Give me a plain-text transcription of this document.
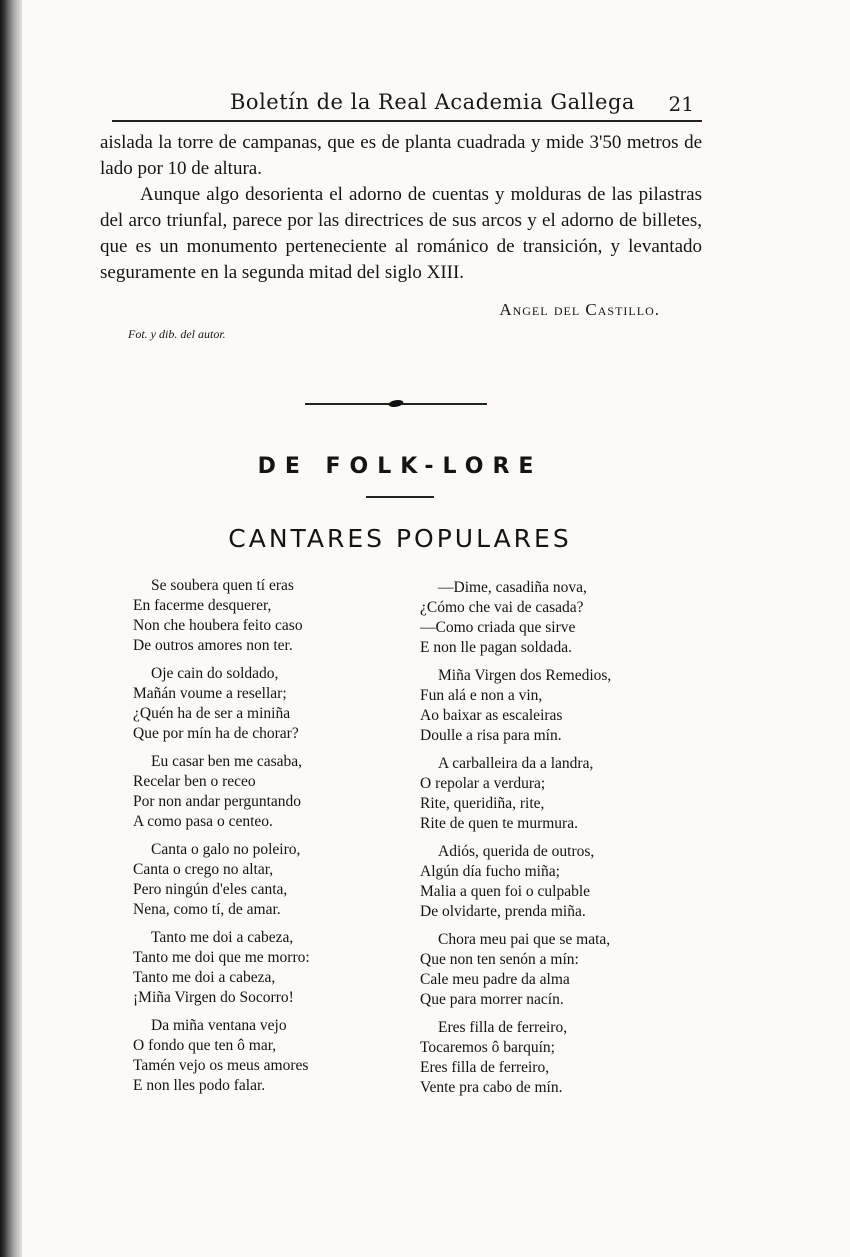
Boletín de la Real Academia Gallega 21

aislada la torre de campanas, que es de planta cuadrada y mide 3'50 metros de lado por 10 de altura.

Aunque algo desorienta el adorno de cuentas y molduras de las pilastras del arco triunfal, parece por las directrices de sus arcos y el adorno de billetes, que es un monumento perteneciente al románico de transición, y levantado seguramente en la segunda mitad del siglo XIII.

Angel del Castillo.
Fot. y dib. del autor.
DE FOLK-LORE
CANTARES POPULARES
Se soubera quen tí eras
En facerme desquerer,
Non che houbera feito caso
De outros amores non ter.
Oje cain do soldado,
Mañán voume a resellar;
¿Quén ha de ser a miniña
Que por mín ha de chorar?
Eu casar ben me casaba,
Recelar ben o receo
Por non andar perguntando
A como pasa o centeo.
Canta o galo no poleiro,
Canta o crego no altar,
Pero ningún d'eles canta,
Nena, como tí, de amar.
Tanto me doi a cabeza,
Tanto me doi que me morro:
Tanto me doi a cabeza,
¡Miña Virgen do Socorro!
Da miña ventana vejo
O fondo que ten ô mar,
Tamén vejo os meus amores
E non lles podo falar.
—Dime, casadiña nova,
¿Cómo che vai de casada?
—Como criada que sirve
E non lle pagan soldada.
Miña Virgen dos Remedios,
Fun alá e non a vin,
Ao baixar as escaleiras
Doulle a risa para mín.
A carballeira da a landra,
O repolar a verdura;
Rite, queridiña, rite,
Rite de quen te murmura.
Adiós, querida de outros,
Algún día fucho miña;
Malia a quen foi o culpable
De olvidarte, prenda miña.
Chora meu pai que se mata,
Que non ten senón a mín:
Cale meu padre da alma
Que para morrer nacín.
Eres filla de ferreiro,
Tocaremos ô barquín;
Eres filla de ferreiro,
Vente pra cabo de mín.
